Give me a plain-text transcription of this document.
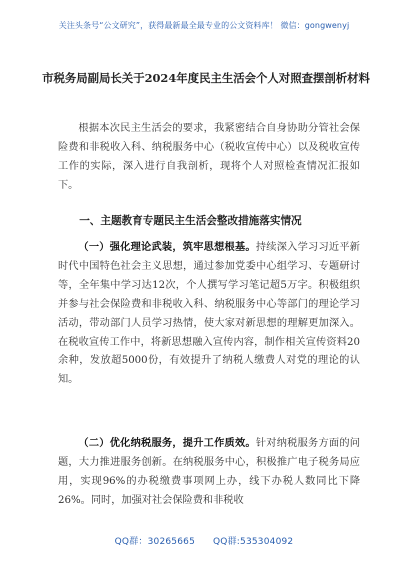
关注头条号“公文研究”，获得最新最全最专业的公文资料库！ 微信：gongwenyj
市税务局副局长关于2024年度民主生活会个人对照查摆剖析材料

根据本次民主生活会的要求，我紧密结合自身协助分管社会保险费和非税收入科、纳税服务中心（税收宣传中心）以及税收宣传工作的实际，深入进行自我剖析，现将个人对照检查情况汇报如下。

一、主题教育专题民主生活会整改措施落实情况

（一）强化理论武装，筑牢思想根基。持续深入学习习近平新时代中国特色社会主义思想，通过参加党委中心组学习、专题研讨等，全年集中学习达12次，个人撰写学习笔记超5万字。积极组织并参与社会保险费和非税收入科、纳税服务中心等部门的理论学习活动，带动部门人员学习热情，使大家对新思想的理解更加深入。在税收宣传工作中，将新思想融入宣传内容，制作相关宣传资料20余种，发放超5000份，有效提升了纳税人缴费人对党的理论的认知。

（二）优化纳税服务，提升工作质效。针对纳税服务方面的问题，大力推进服务创新。在纳税服务中心，积极推广电子税务局应用，实现96%的办税缴费事项网上办，线下办税人数同比下降26%。同时，加强对社会保险费和非税收

QQ群：30265665 QQ群:535304092
